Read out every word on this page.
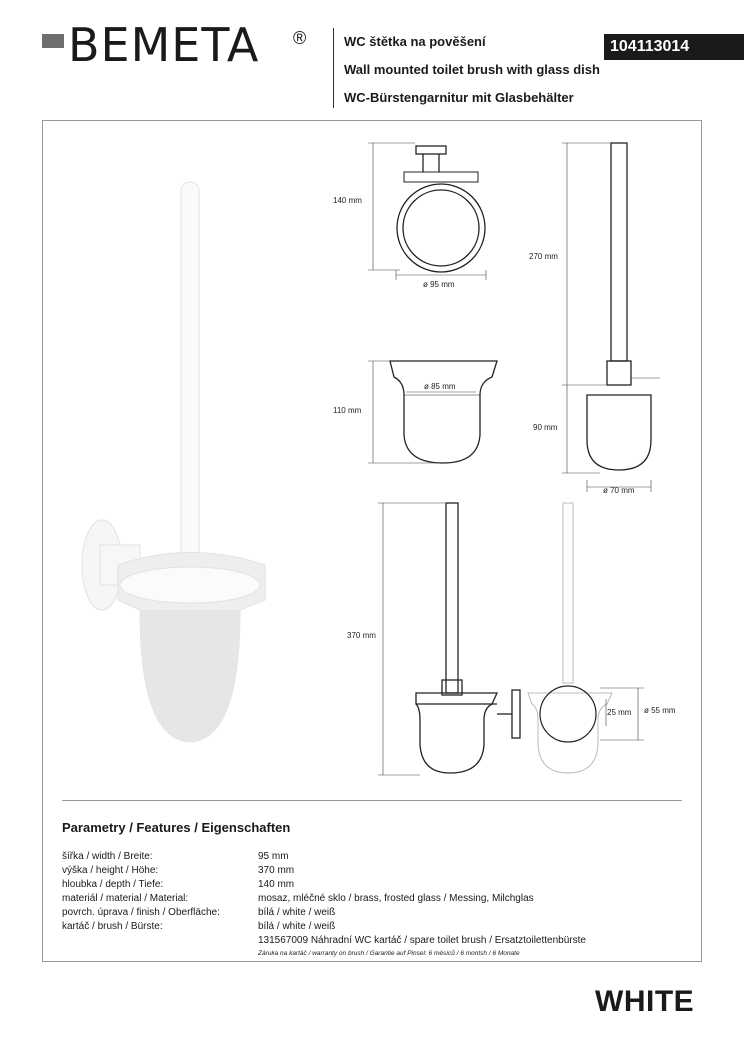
BEMETA ®	WC štětka na pověšení
Wall mounted toilet brush with glass dish
WC-Bürstengarnitur mit Glasbehälter
104113014
140 mm
ø 95 mm
270 mm
110 mm
ø 85 mm
90 mm
ø 70 mm
370 mm
25 mm ø 55 mm
Parametry / Features / Eigenschaften
šířka / width / Breite:	95 mm
výška / height / Höhe:	370 mm
hloubka / depth / Tiefe:	140 mm
materiál / material / Material:	mosaz, mléčné sklo / brass, frosted glass / Messing, Milchglas
povrch. úprava / finish / Oberfläche:	bílá / white / weiß
kartáč / brush / Bürste:	bílá / white / weiß
131567009 Náhradní WC kartáč / spare toilet brush / Ersatztoilettenbürste
Záruka na kartáč / warranty on brush / Garantie auf Pinsel: 6 měsíců / 6 montsh / 6 Monate
WHITE
